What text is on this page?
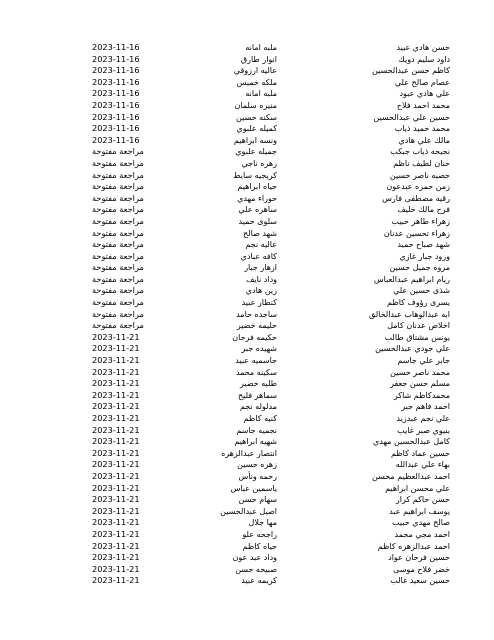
حسن هادي عبيد
ملبه امانه
2023-11-16
داود سليم دويك
انوار طارق
2023-11-16
كاظم حسن عبدالحسين
عاليه ارزوقي
2023-11-16
عصام صالح علي
ملكه خميس
2023-11-16
علي هادي عبود
ملبه امانه
2023-11-16
محمد احمد فلاح
منيره سلمان
2023-11-16
حسين علي عبدالحسين
سكنه حسين
2023-11-16
محمد حميد ذياب
كميله علبوي
2023-11-16
مالك علي هادي
ونسه ابراهيم
2023-11-16
نجيحه ذياب جبكب
جميله علبوي
مراجعة مفتوحة
حنان لطيف ناظم
زهره ناجي
مراجعة مفتوحة
حصيه ناصر حسين
كريجيه سايط
مراجعة مفتوحة
زمن حمزه عبدعون
حياه ابراهيم
مراجعة مفتوحة
رقيه مصطفى فارس
حوراء مهدي
مراجعة مفتوحة
فرح مالك خليف
ساهره علي
مراجعة مفتوحة
زهراء طاهر حبيب
سلوى حميد
مراجعة مفتوحة
زهراء تحسين عدنان
شهد صالح
مراجعة مفتوحة
شهد صباح حميد
عاليه نجم
مراجعة مفتوحة
ورود جبار غازي
كافه عبادي
مراجعة مفتوحة
مروه جميل حسين
ازهار جبار
مراجعة مفتوحة
ريام ابراهيم عبدالعباس
وداد نايف
مراجعة مفتوحة
شذى حسين علي
زين هادي
مراجعة مفتوحة
يسرى رؤوف كاظم
كنطار عبيد
مراجعة مفتوحة
ابه عبدالوهاب عبدالخالق
ساجده حامد
مراجعة مفتوحة
اخلاص عدنان كامل
حليمه خضير
مراجعة مفتوحة
يونس مشتاق طالب
حكيمه فرحان
2023-11-21
علي جودي عبدالحسين
شهيده جبر
2023-11-21
جابر علي جاسم
جاسميه عبيد
2023-11-21
محمد ناصر حسين
سكينه محمد
2023-11-21
مسلم حسن جعفر
طليه خضير
2023-11-21
محمدكاظم شاكر
سماهر فليح
2023-11-21
احمد فاهم جبر
مدلوله نجم
2023-11-21
علي نجم عبدزيد
كنيه كاظم
2023-11-21
بنيوي صبر غايب
نجميه جاسم
2023-11-21
كامل عبدالحسين مهدي
شهيه ابراهيم
2023-11-21
حسين عماد كاظم
انتصار عبدالزهره
2023-11-21
بهاء علي عبدالله
زهره حسين
2023-11-21
احمد عبدالعظيم محسن
رحمه ونأس
2023-11-21
علي محسن ابراهيم
ياسمين عباس
2023-11-21
حسن حاكم كرار
سهام حسن
2023-11-21
يوسف ابراهيم عبد
اصيل عبدالحسين
2023-11-21
صالح مهدي حبيب
مها جلال
2023-11-21
احمد مجي محمد
راجحه علو
2023-11-21
احمد عبدالزهره كاظم
حياه كاظم
2023-11-21
حسين فرحان عواد
وداد عبد عون
2023-11-21
خضر فلاح موسى
صبيحه حسن
2023-11-21
حسين سعيد غالب
كريمه عبيد
2023-11-21
